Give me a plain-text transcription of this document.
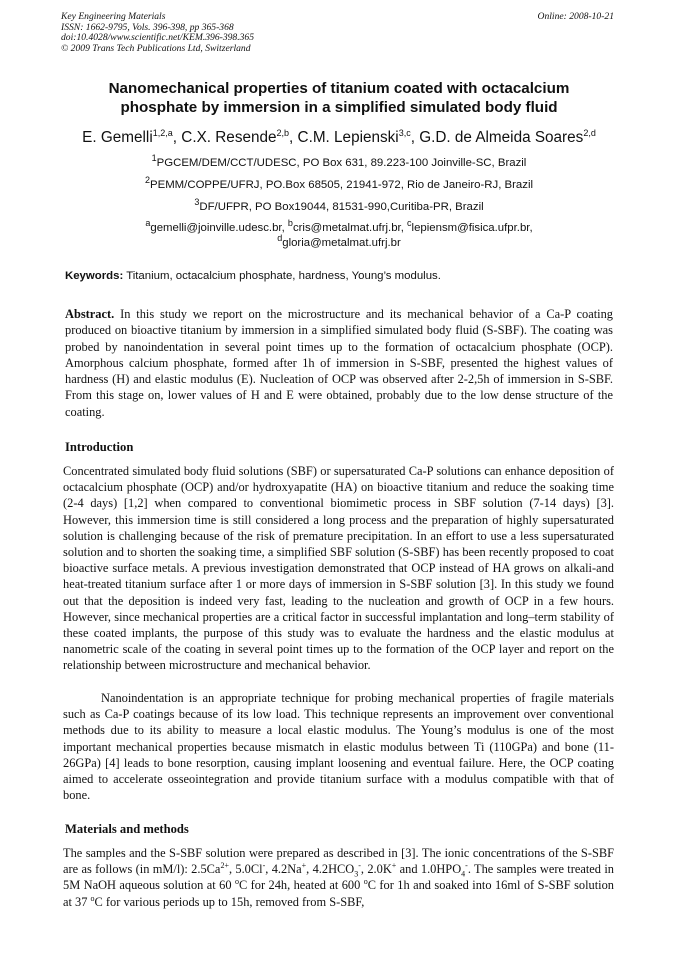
Key Engineering Materials
ISSN: 1662-9795, Vols. 396-398, pp 365-368
doi:10.4028/www.scientific.net/KEM.396-398.365
© 2009 Trans Tech Publications Ltd, Switzerland
Online: 2008-10-21
Nanomechanical properties of titanium coated with octacalcium
phosphate by immersion in a simplified simulated body fluid
E. Gemelli$^{1,2,a}$, C.X. Resende$^{2,b}$, C.M. Lepienski$^{3,c}$, G.D. de Almeida Soares$^{2,d}$
$^1$PGCEM/DEM/CCT/UDESC, PO Box 631, 89.223-100 Joinville-SC, Brazil
$^2$PEMM/COPPE/UFRJ, PO.Box 68505, 21941-972, Rio de Janeiro-RJ, Brazil
$^3$DF/UFPR, PO Box19044, 81531-990,Curitiba-PR, Brazil
$^a$gemelli@joinville.udesc.br, $^b$cris@metalmat.ufrj.br, $^c$lepiensm@fisica.ufpr.br,
$^d$gloria@metalmat.ufrj.br
Keywords: Titanium, octacalcium phosphate, hardness, Young’s modulus.
Abstract. In this study we report on the microstructure and its mechanical behavior of a Ca-P coating produced on bioactive titanium by immersion in a simplified simulated body fluid (S-SBF). The coating was probed by nanoindentation in several point times up to the formation of octacalcium phosphate (OCP). Amorphous calcium phosphate, formed after 1h of immersion in S-SBF, presented the highest values of hardness (H) and elastic modulus (E). Nucleation of OCP was observed after 2-2,5h of immersion in S-SBF. From this stage on, lower values of H and E were obtained, probably due to the low dense structure of the coating.
Introduction
Concentrated simulated body fluid solutions (SBF) or supersaturated Ca-P solutions can enhance deposition of octacalcium phosphate (OCP) and/or hydroxyapatite (HA) on bioactive titanium and reduce the soaking time (2-4 days) [1,2] when compared to conventional biomimetic process in SBF solution (7-14 days) [3]. However, this immersion time is still considered a long process and the preparation of highly supersaturated solution is challenging because of the risk of premature precipitation. In an effort to use a less supersaturated solution and to shorten the soaking time, a simplified SBF solution (S-SBF) has been recently proposed to coat bioactive surface metals. A previous investigation demonstrated that OCP instead of HA grows on alkali-and heat-treated titanium surface after 1 or more days of immersion in S-SBF solution [3]. In this study we found out that the deposition is indeed very fast, leading to the nucleation and growth of OCP in a few hours. However, since mechanical properties are a critical factor in successful implantation and long–term stability of these coated implants, the purpose of this study was to evaluate the hardness and the elastic modulus at nanometric scale of the coating in several point times up to the formation of the OCP layer and report on the relationship between microstructure and mechanical behavior.
Nanoindentation is an appropriate technique for probing mechanical properties of fragile materials such as Ca-P coatings because of its low load. This technique represents an improvement over conventional methods due to its ability to measure a local elastic modulus. The Young’s modulus is one of the most important mechanical properties because mismatch in elastic modulus between Ti (110GPa) and bone (11-26GPa) [4] leads to bone resorption, causing implant loosening and eventual failure. Here, the OCP coating aimed to accelerate osseointegration and provide titanium surface with a modulus compatible with that of bone.
Materials and methods
The samples and the S-SBF solution were prepared as described in [3]. The ionic concentrations of the S-SBF are as follows (in mM/l): $2.5Ca^{2+}$, 5.0Cl-, 4.2Na+, $4.2HCO_3^-$, 2.0K+ and $1.0HPO_4^-$. The samples were treated in 5M NaOH aqueous solution at 60 $^o$C for 24h, heated at 600 $^o$C for 1h and soaked into 16ml of S-SBF solution at 37 $^o$C for various periods up to 15h, removed from S-SBF,
